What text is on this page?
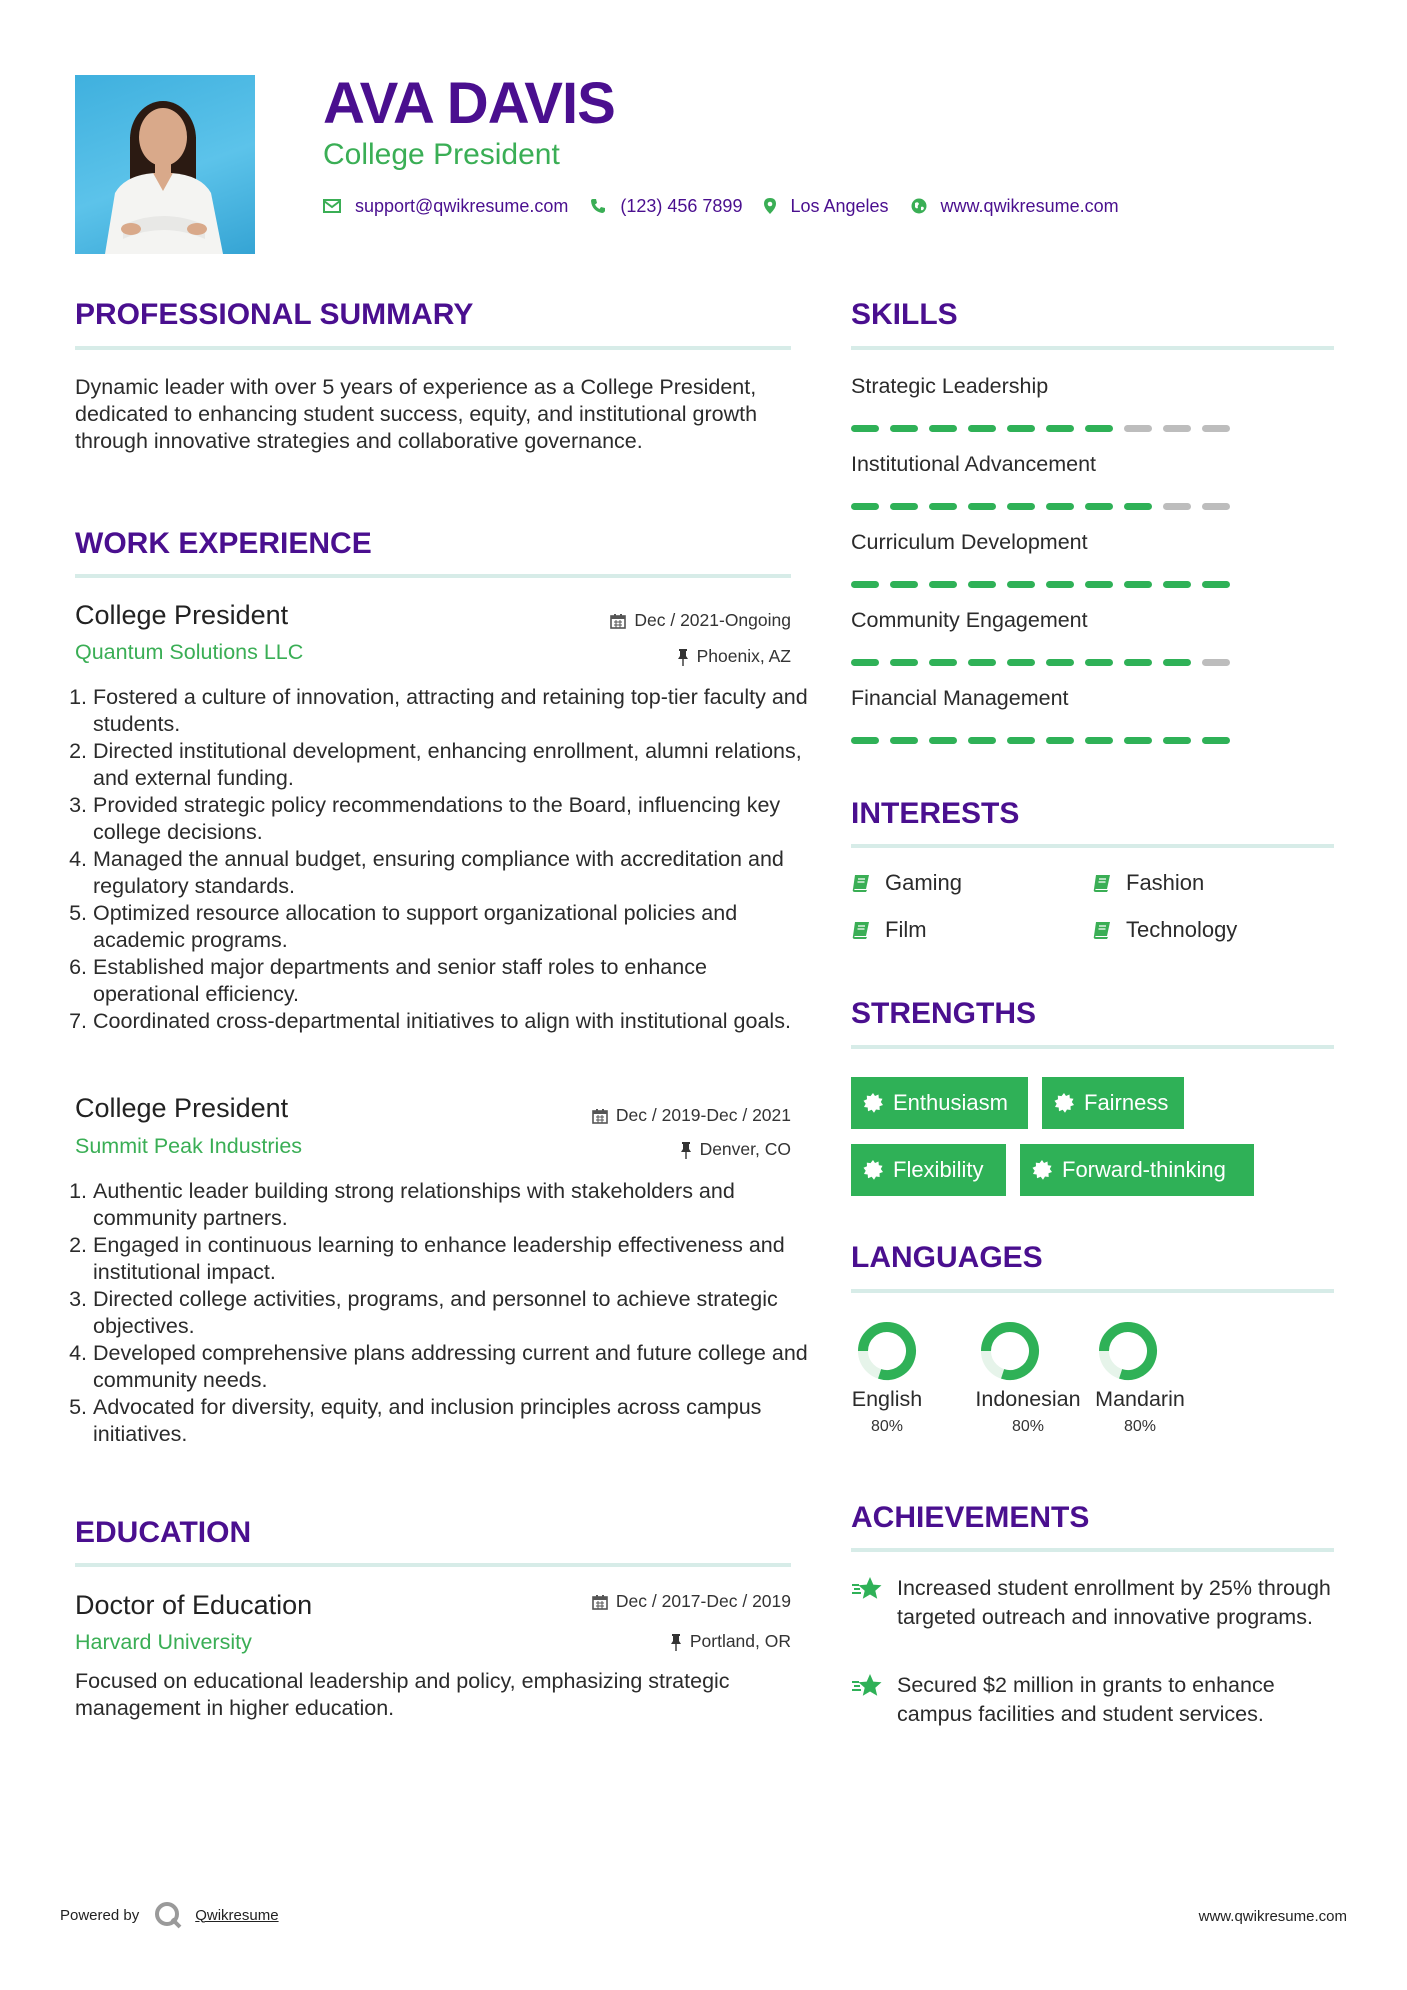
AVA DAVIS
College President
support@qwikresume.com	(123) 456 7899	Los Angeles	www.qwikresume.com
PROFESSIONAL SUMMARY
Dynamic leader with over 5 years of experience as a College President, dedicated to enhancing student success, equity, and institutional growth through innovative strategies and collaborative governance.
WORK EXPERIENCE
College President	Dec / 2021-Ongoing
Quantum Solutions LLC	Phoenix, AZ
1. Fostered a culture of innovation, attracting and retaining top-tier faculty and students.
2. Directed institutional development, enhancing enrollment, alumni relations, and external funding.
3. Provided strategic policy recommendations to the Board, influencing key college decisions.
4. Managed the annual budget, ensuring compliance with accreditation and regulatory standards.
5. Optimized resource allocation to support organizational policies and academic programs.
6. Established major departments and senior staff roles to enhance operational efficiency.
7. Coordinated cross-departmental initiatives to align with institutional goals.
College President	Dec / 2019-Dec / 2021
Summit Peak Industries	Denver, CO
1. Authentic leader building strong relationships with stakeholders and community partners.
2. Engaged in continuous learning to enhance leadership effectiveness and institutional impact.
3. Directed college activities, programs, and personnel to achieve strategic objectives.
4. Developed comprehensive plans addressing current and future college and community needs.
5. Advocated for diversity, equity, and inclusion principles across campus initiatives.
EDUCATION
Doctor of Education	Dec / 2017-Dec / 2019
Harvard University	Portland, OR
Focused on educational leadership and policy, emphasizing strategic management in higher education.
SKILLS
Strategic Leadership
Institutional Advancement
Curriculum Development
Community Engagement
Financial Management
INTERESTS
Gaming	Fashion
Film	Technology
STRENGTHS
Enthusiasm	Fairness
Flexibility	Forward-thinking
LANGUAGES
English
80%
Indonesian
80%
Mandarin
80%
ACHIEVEMENTS
Increased student enrollment by 25% through targeted outreach and innovative programs.
Secured $2 million in grants to enhance campus facilities and student services.
Powered by	Qwikresume	www.qwikresume.com
